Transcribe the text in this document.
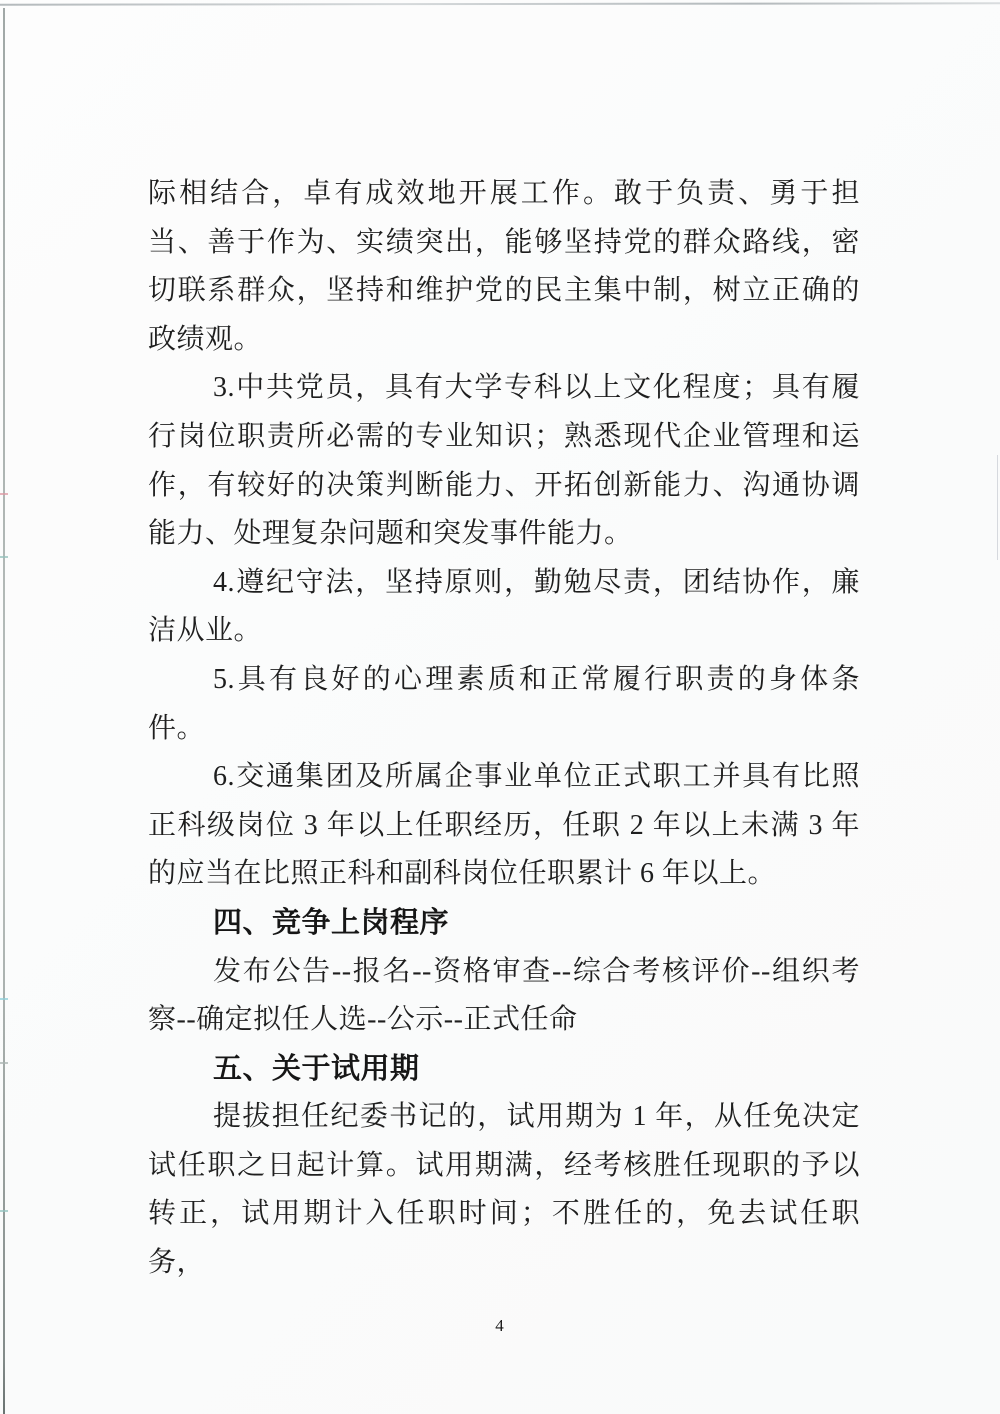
际相结合，卓有成效地开展工作。敢于负责、勇于担当、善于作为、实绩突出，能够坚持党的群众路线，密切联系群众，坚持和维护党的民主集中制，树立正确的政绩观。

3.中共党员，具有大学专科以上文化程度；具有履行岗位职责所必需的专业知识；熟悉现代企业管理和运作，有较好的决策判断能力、开拓创新能力、沟通协调能力、处理复杂问题和突发事件能力。

4.遵纪守法，坚持原则，勤勉尽责，团结协作，廉洁从业。

5.具有良好的心理素质和正常履行职责的身体条件。

6.交通集团及所属企事业单位正式职工并具有比照正科级岗位 3 年以上任职经历，任职 2 年以上未满 3 年的应当在比照正科和副科岗位任职累计 6 年以上。

四、竞争上岗程序

发布公告--报名--资格审查--综合考核评价--组织考察--确定拟任人选--公示--正式任命

五、关于试用期

提拔担任纪委书记的，试用期为 1 年，从任免决定试任职之日起计算。试用期满，经考核胜任现职的予以转正，试用期计入任职时间；不胜任的，免去试任职务，

4
